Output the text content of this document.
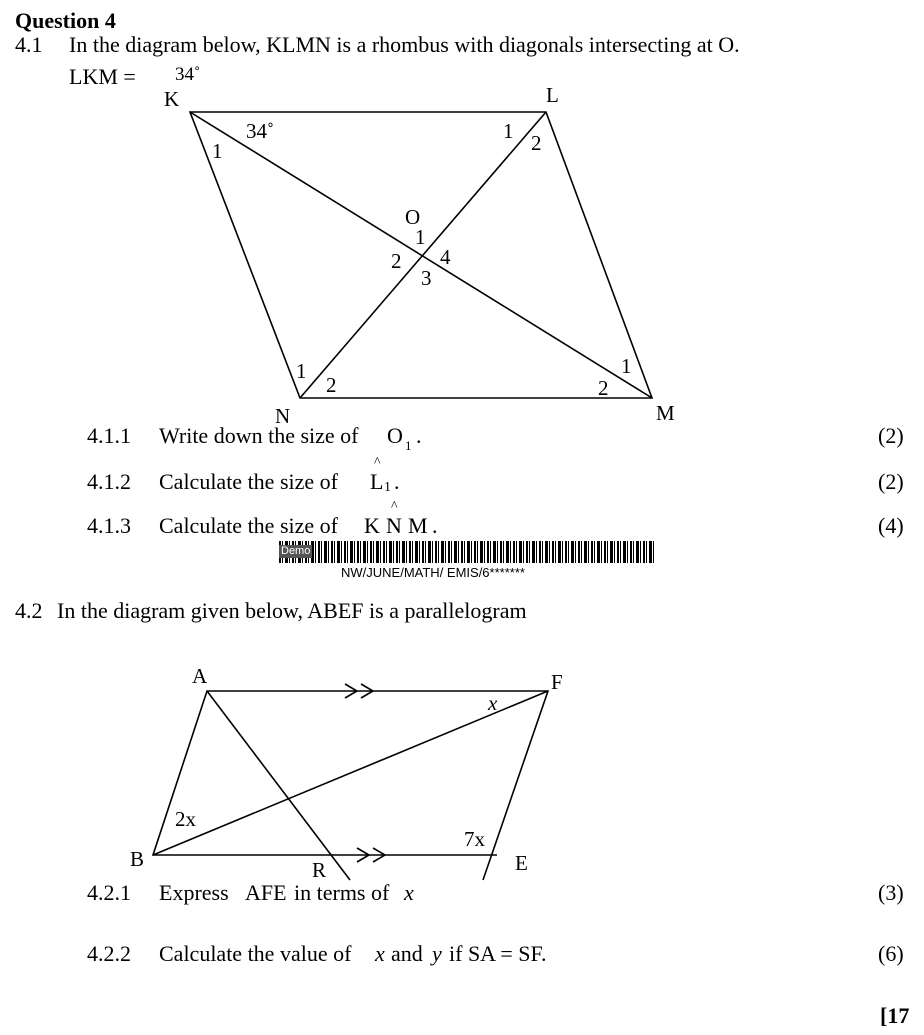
Question 4
4.1 In the diagram below, KLMN is a rhombus with diagonals intersecting at O.
LKM = 34˚
K	L
M
N
O
34˚
1
1 2
1
2
3
4
1
2
1
2
4.1.1 Write down the size of O 1 .	(2)
4.1.2 Calculate the size of
^
L 1 .	(2)
4.1.3 Calculate the size of K
^
N M .	(4)
Demo
NW/JUNE/MATH/ EMIS/6*******
4.2 In the diagram given below, ABEF is a parallelogram
A	F
B	E
R
x
2x
7x
4.2.1 Express AFE in terms of x	(3)
4.2.2 Calculate the value of x and y if SA = SF.	(6)
[17
